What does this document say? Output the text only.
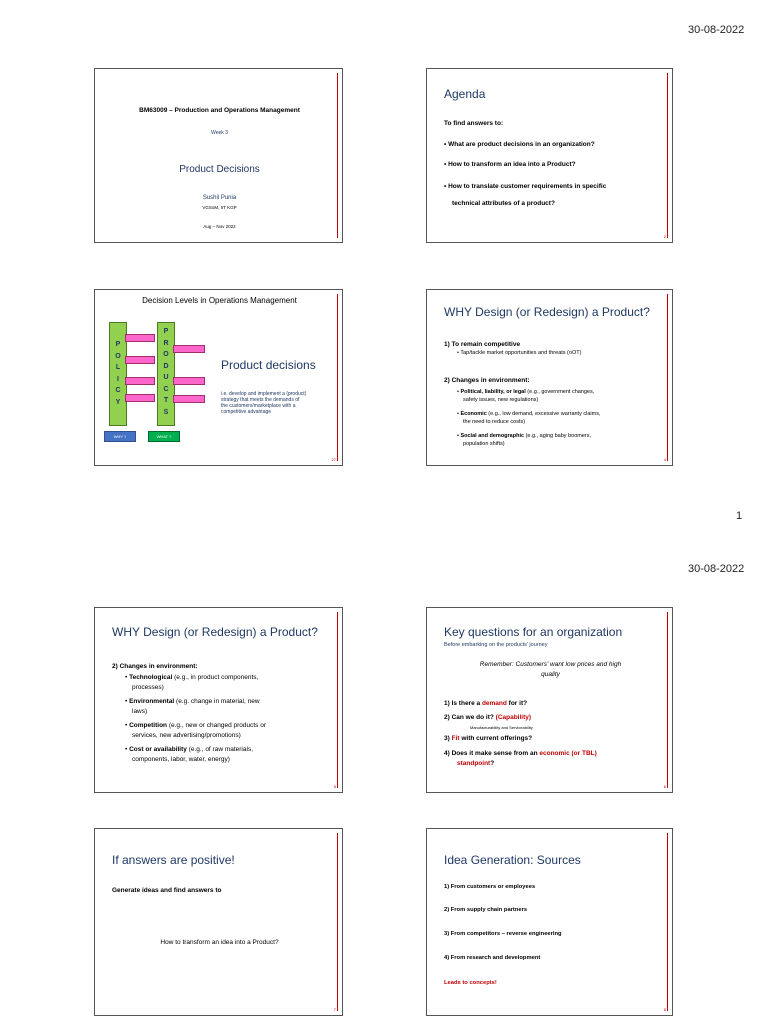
30-08-2022
BM63009 – Production and Operations Management
Week 3
Product Decisions
Sushil Punia
VGSoM, IIT KGP
Aug – Nov 2022
Agenda
To find answers to:
• What are product decisions in an organization?
• How to transform an idea into a Product?
• How to translate customer requirements in specific
technical attributes of a product?
2
Decision Levels in Operations Management
P
O
L
I
C
Y
P
R
O
D
U
C
T
S
WHY ?	WHAT ?
Product decisions
i.e. develop and implement a (product)
strategy that meets the demands of
the customers/marketplace with a
competitive advantage
27
WHY Design (or Redesign) a Product?
1) To remain competitive
• Tap/tackle market opportunities and threats (oOT)
2) Changes in environment:
• Political, liability, or legal (e.g., government changes,
safety issues, new regulations)
• Economic (e.g., low demand, excessive warranty claims,
the need to reduce costs)
• Social and demographic (e.g., aging baby boomers,
population shifts)
4
1
30-08-2022
WHY Design (or Redesign) a Product?
2) Changes in environment:
• Technological (e.g., in product components,
processes)
• Environmental (e.g. change in material, new
laws)
• Competition (e.g., new or changed products or
services, new advertising/promotions)
• Cost or availability (e.g., of raw materials,
components, labor, water, energy)
5
Key questions for an organization
Before embarking on the products' journey
Remember: Customers' want low prices and high
quality
1) Is there a demand for it?
2) Can we do it? (Capability)
Manufacturability and Serviceability
3) Fit with current offerings?
4) Does it make sense from an economic (or TBL)
standpoint?
6
If answers are positive!
Generate ideas and find answers to
How to transform an idea into a Product?
7
Idea Generation: Sources
1) From customers or employees
2) From supply chain partners
3) From competitors – reverse engineering
4) From research and development
Leads to concepts!
8
